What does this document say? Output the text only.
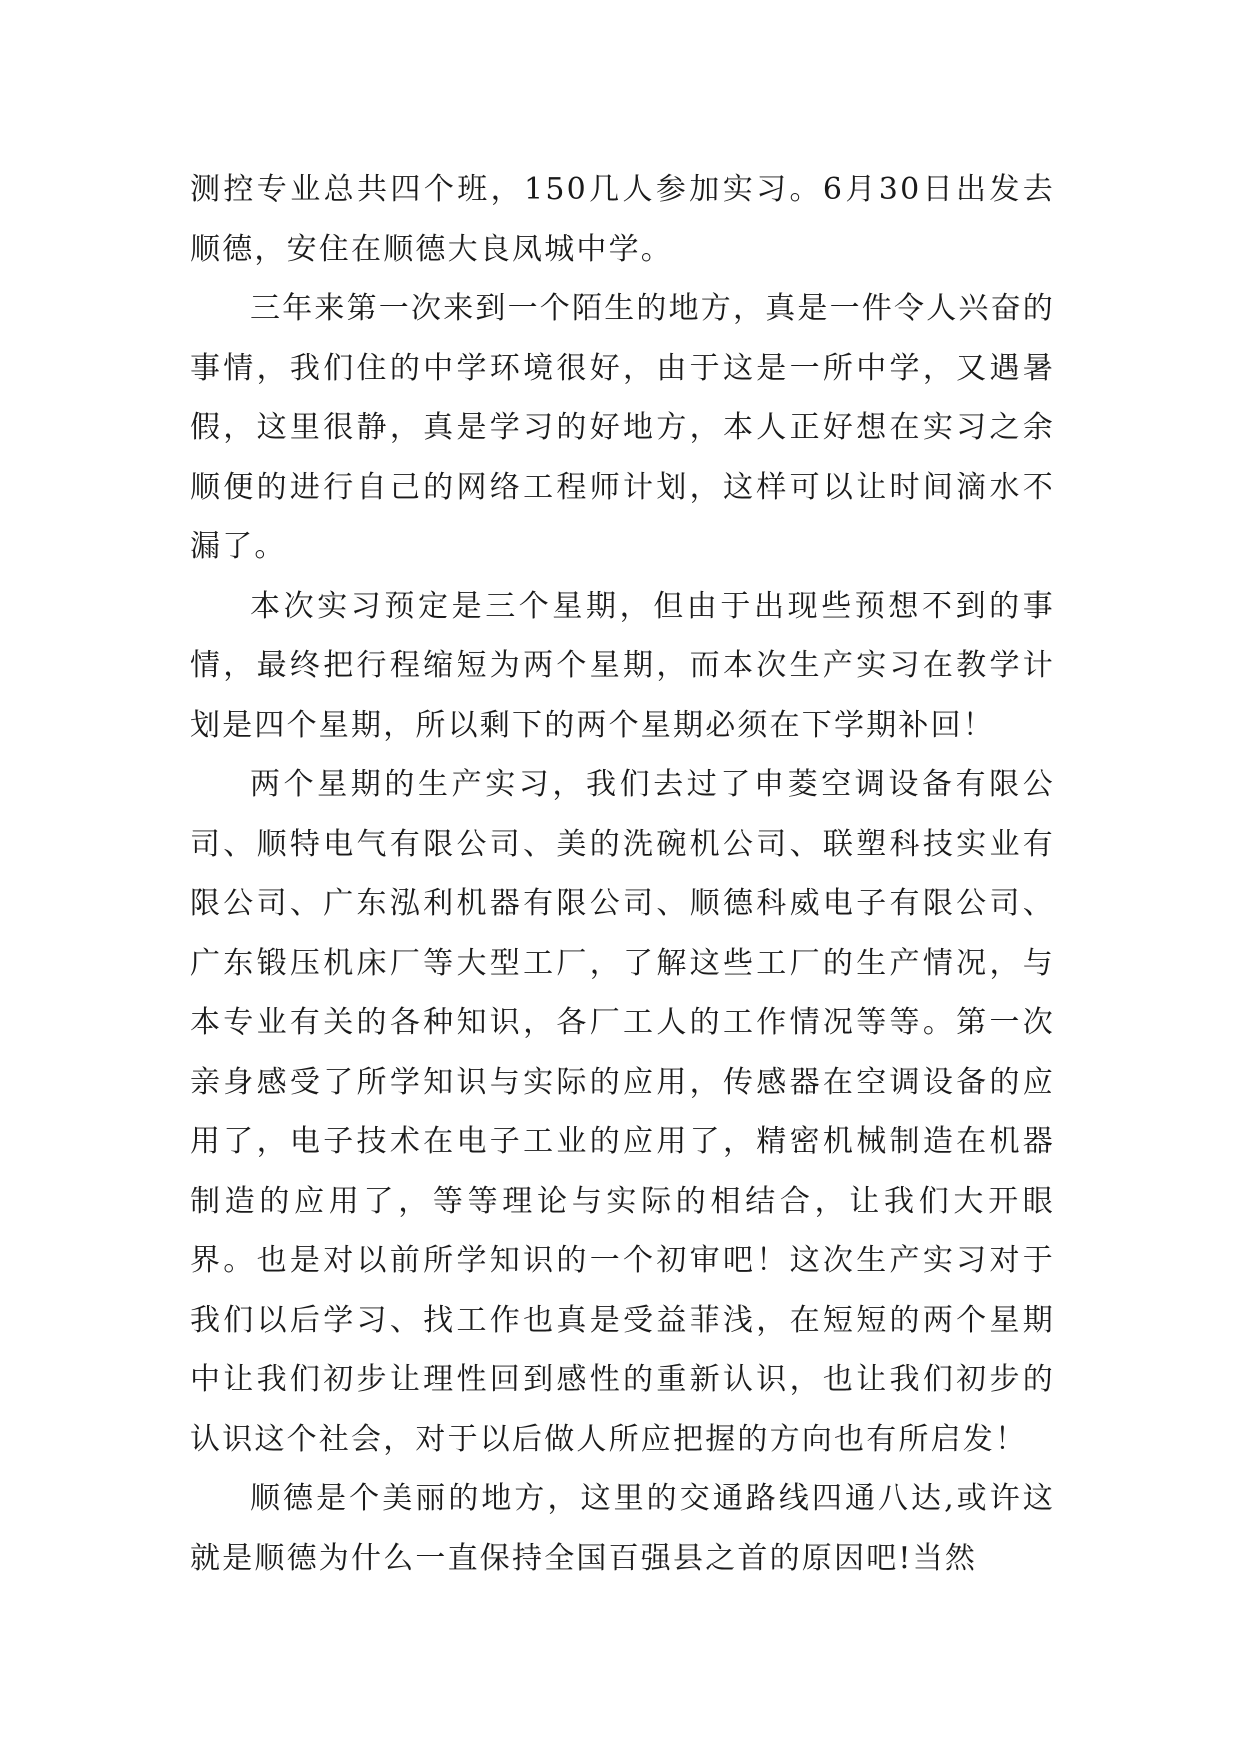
测控专业总共四个班，150几人参加实习。6月30日出发去顺德，安住在顺德大良凤城中学。

三年来第一次来到一个陌生的地方，真是一件令人兴奋的事情，我们住的中学环境很好，由于这是一所中学，又遇暑假，这里很静，真是学习的好地方，本人正好想在实习之余顺便的进行自己的网络工程师计划，这样可以让时间滴水不漏了。

本次实习预定是三个星期，但由于出现些预想不到的事情，最终把行程缩短为两个星期，而本次生产实习在教学计划是四个星期，所以剩下的两个星期必须在下学期补回！

两个星期的生产实习，我们去过了申菱空调设备有限公司、顺特电气有限公司、美的洗碗机公司、联塑科技实业有限公司、广东泓利机器有限公司、顺德科威电子有限公司、广东锻压机床厂等大型工厂，了解这些工厂的生产情况，与本专业有关的各种知识，各厂工人的工作情况等等。第一次亲身感受了所学知识与实际的应用，传感器在空调设备的应用了，电子技术在电子工业的应用了，精密机械制造在机器制造的应用了，等等理论与实际的相结合，让我们大开眼界。也是对以前所学知识的一个初审吧！这次生产实习对于我们以后学习、找工作也真是受益菲浅，在短短的两个星期中让我们初步让理性回到感性的重新认识，也让我们初步的认识这个社会，对于以后做人所应把握的方向也有所启发！

顺德是个美丽的地方，这里的交通路线四通八达,或许这就是顺德为什么一直保持全国百强县之首的原因吧!当然
